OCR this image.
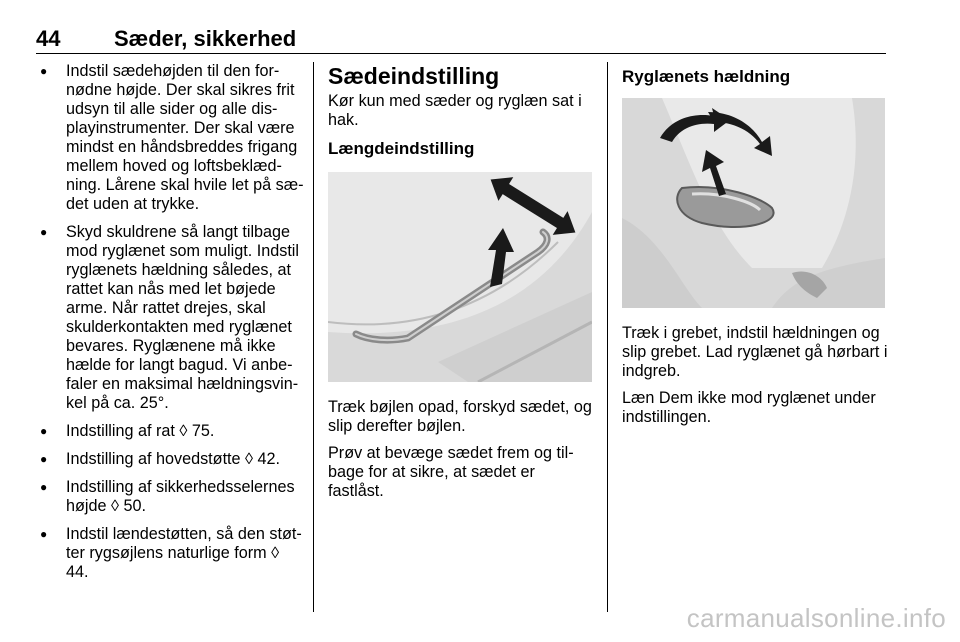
44 Sæder, sikkerhed
● Indstil sædehøjden til den for-nødne højde. Der skal sikres frit udsyn til alle sider og alle dis-playinstrumenter. Der skal være mindst en håndsbreddes frigang mellem hoved og loftsbeklæd-ning. Lårene skal hvile let på sæ-det uden at trykke.
● Skyd skuldrene så langt tilbage mod ryglænet som muligt. Indstil ryglænets hældning således, at rattet kan nås med let bøjede arme. Når rattet drejes, skal skulderkontakten med ryglænet bevares. Ryglænene må ikke hælde for langt bagud. Vi anbe-faler en maksimal hældningsvin-kel på ca. 25°.
● Indstilling af rat ◊ 75.
● Indstilling af hovedstøtte ◊ 42.
● Indstilling af sikkerhedsselernes højde ◊ 50.
● Indstil lændestøtten, så den støt-ter rygsøjlens naturlige form ◊ 44.
Sædeindstilling
Kør kun med sæder og ryglæn sat i hak.
Længdeindstilling
Træk bøjlen opad, forskyd sædet, og slip derefter bøjlen.
Prøv at bevæge sædet frem og til-bage for at sikre, at sædet er fastlåst.
Ryglænets hældning
Træk i grebet, indstil hældningen og slip grebet. Lad ryglænet gå hørbart i indgreb.
Læn Dem ikke mod ryglænet under indstillingen.
carmanualsonline.info
